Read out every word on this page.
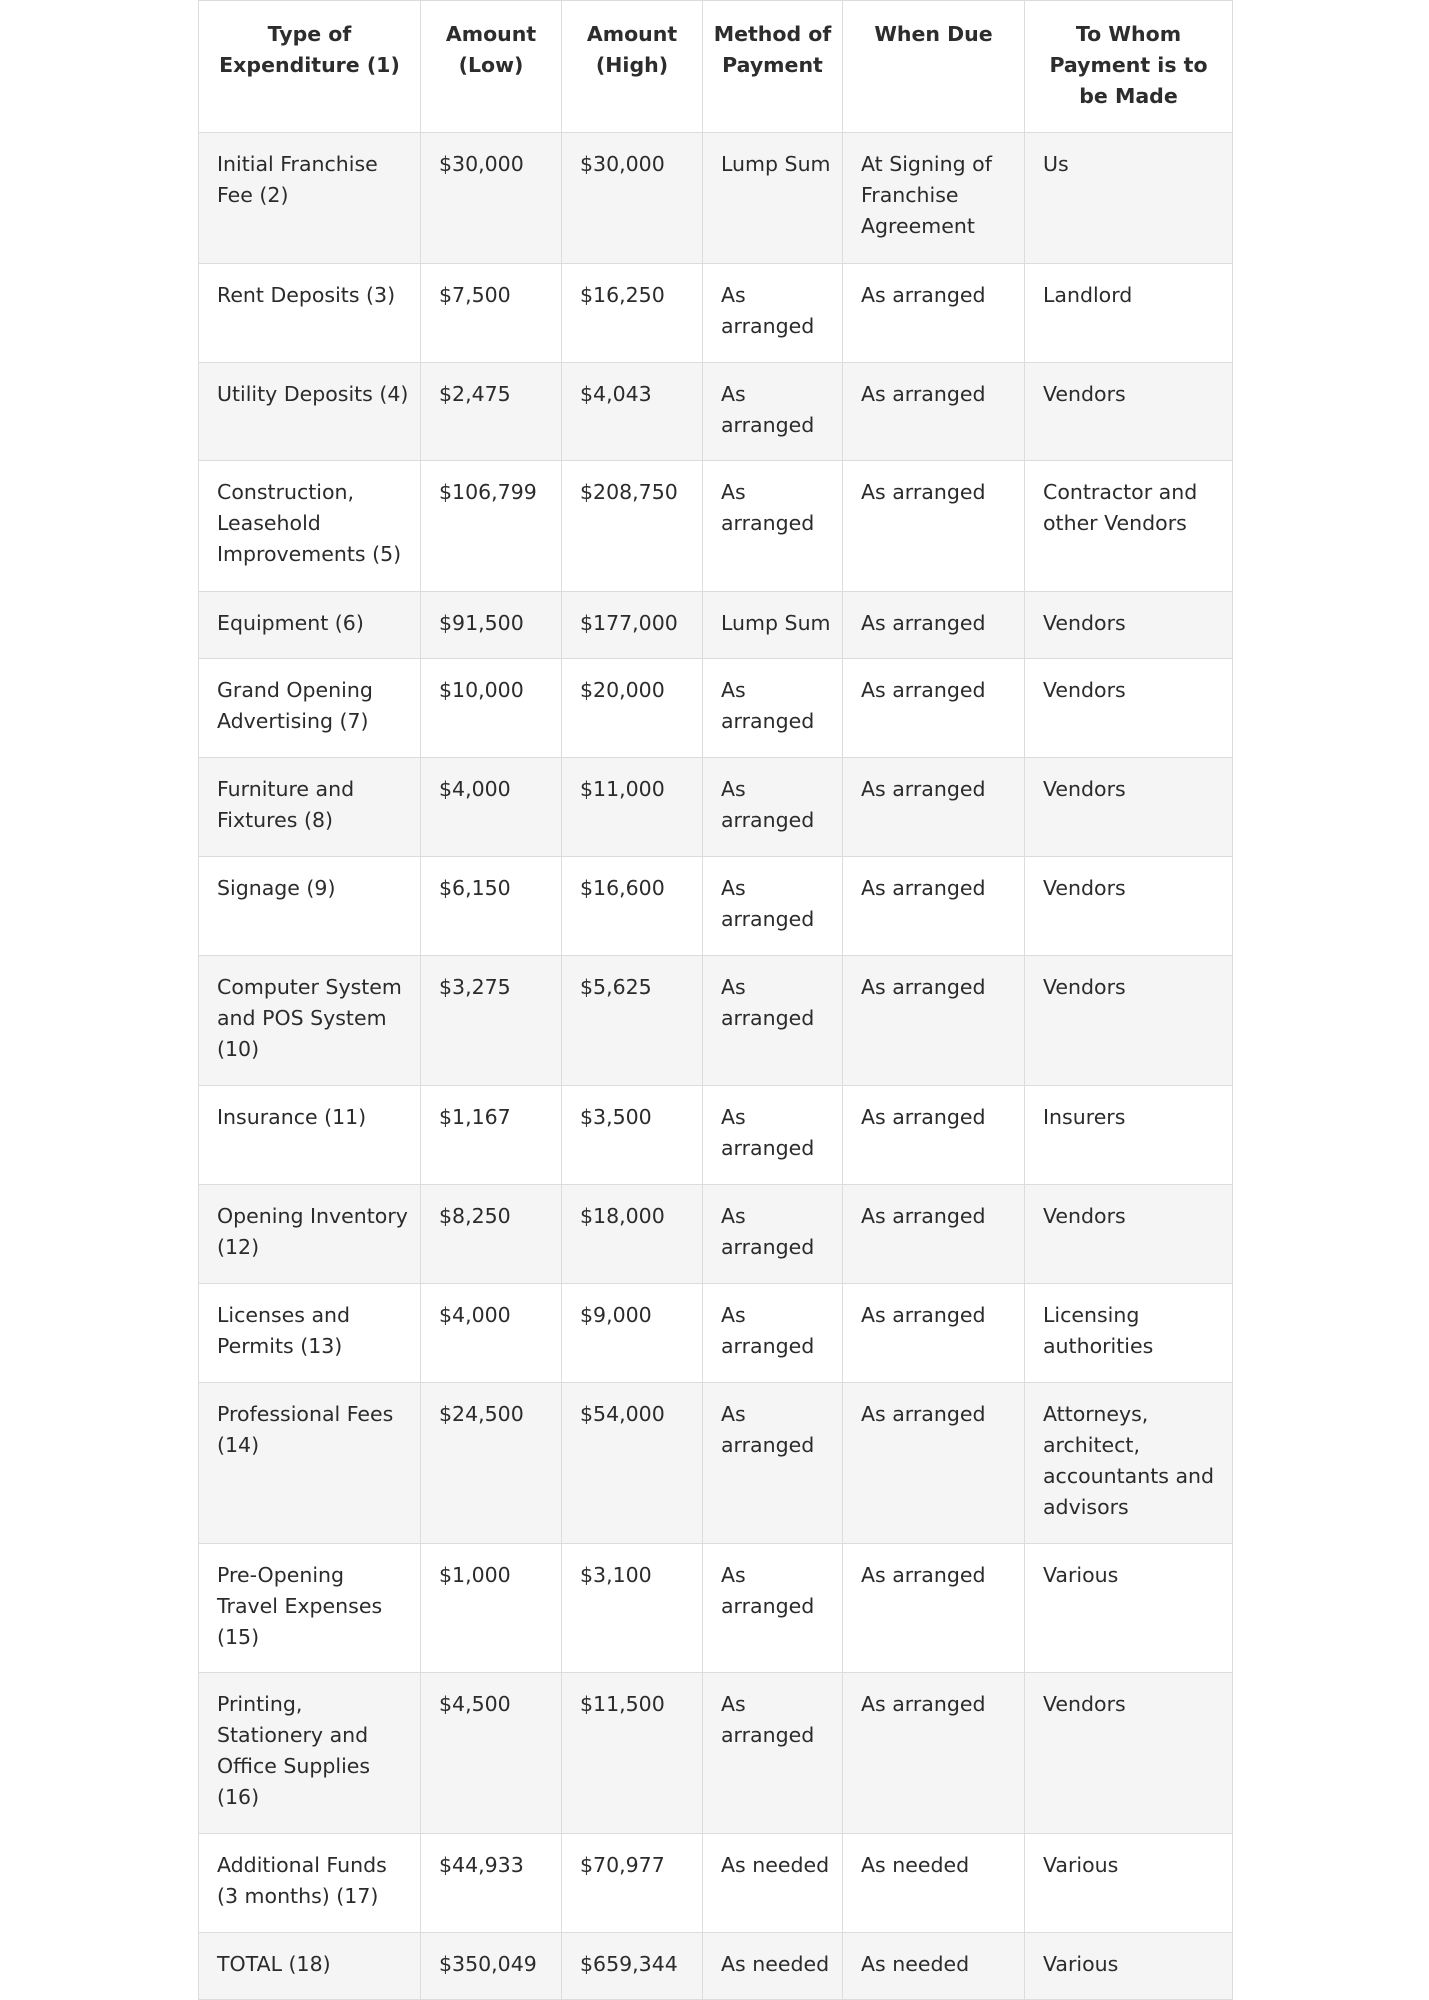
Type of Expenditure (1)	Amount (Low)	Amount (High)	Method of Payment	When Due	To Whom Payment is to be Made
Initial Franchise Fee (2)	$30,000	$30,000	Lump Sum	At Signing of Franchise Agreement	Us
Rent Deposits (3)	$7,500	$16,250	As arranged	As arranged	Landlord
Utility Deposits (4)	$2,475	$4,043	As arranged	As arranged	Vendors
Construction, Leasehold Improvements (5)	$106,799	$208,750	As arranged	As arranged	Contractor and other Vendors
Equipment (6)	$91,500	$177,000	Lump Sum	As arranged	Vendors
Grand Opening Advertising (7)	$10,000	$20,000	As arranged	As arranged	Vendors
Furniture and Fixtures (8)	$4,000	$11,000	As arranged	As arranged	Vendors
Signage (9)	$6,150	$16,600	As arranged	As arranged	Vendors
Computer System and POS System (10)	$3,275	$5,625	As arranged	As arranged	Vendors
Insurance (11)	$1,167	$3,500	As arranged	As arranged	Insurers
Opening Inventory (12)	$8,250	$18,000	As arranged	As arranged	Vendors
Licenses and Permits (13)	$4,000	$9,000	As arranged	As arranged	Licensing authorities
Professional Fees (14)	$24,500	$54,000	As arranged	As arranged	Attorneys, architect, accountants and advisors
Pre-Opening Travel Expenses (15)	$1,000	$3,100	As arranged	As arranged	Various
Printing, Stationery and Office Supplies (16)	$4,500	$11,500	As arranged	As arranged	Vendors
Additional Funds (3 months) (17)	$44,933	$70,977	As needed	As needed	Various
TOTAL (18)	$350,049	$659,344	As needed	As needed	Various
